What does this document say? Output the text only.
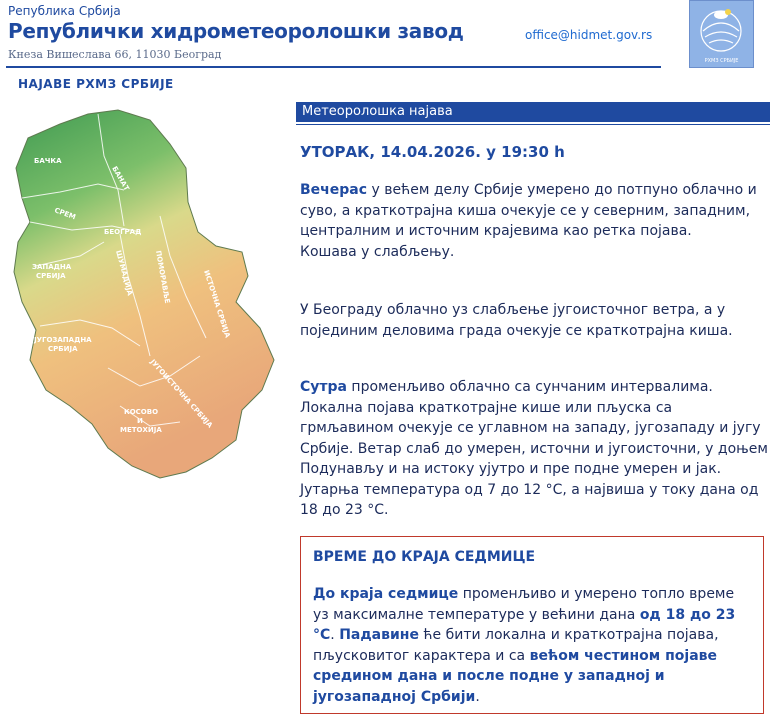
Република Србија
Републички хидрометеоролошки завод
Кнеза Вишеслава 66, 11030 Београд
office@hidmet.gov.rs
РХМЗ СРБИЈЕ
НАЈАВЕ РХМЗ СРБИЈЕ
БАЧКА
БАНАТ
СРЕМ
БЕОГРАД
ЗАПАДНА
СРБИЈА	ШУМАДИЈА	ПОМОРАВЉЕ	ИСТОЧНА СРБИЈА
ЈУГОЗАПАДНА
СРБИЈА
ЈУГОИСТОЧНА СРБИЈА
КОСОВО
И
МЕТОХИЈА
Метеоролошка најава
УТОРАК, 14.04.2026. у 19:30 h
Вечерас у већем делу Србије умерено до потпуно облачно и суво, а краткотрајна киша очекује се у северним, западним, централним и источним крајевима као ретка појава.
Кошава у слабљењу.
У Београду облачно уз слабљење југоисточног ветра, а у појединим деловима града очекује се краткотрајна киша.
Сутра променљиво облачно са сунчаним интервалима. Локална појава краткотрајне кише или пљуска са грмљавином очекује се углавном на западу, југозападу и југу Србије. Ветар слаб до умерен, источни и југоисточни, у доњем Подунављу и на истоку ујутро и пре подне умерен и јак. Јутарња температура од 7 до 12 °C, а највиша у току дана од 18 до 23 °C.
ВРЕМЕ ДО КРАЈА СЕДМИЦЕ
До краја седмице променљиво и умерено топло време уз максималне температуре у већини дана од 18 до 23 °C. Падавине ће бити локална и краткотрајна појава, пљусковитог карактера и са већом честином појаве средином дана и после подне у западној и југозападној Србији.
